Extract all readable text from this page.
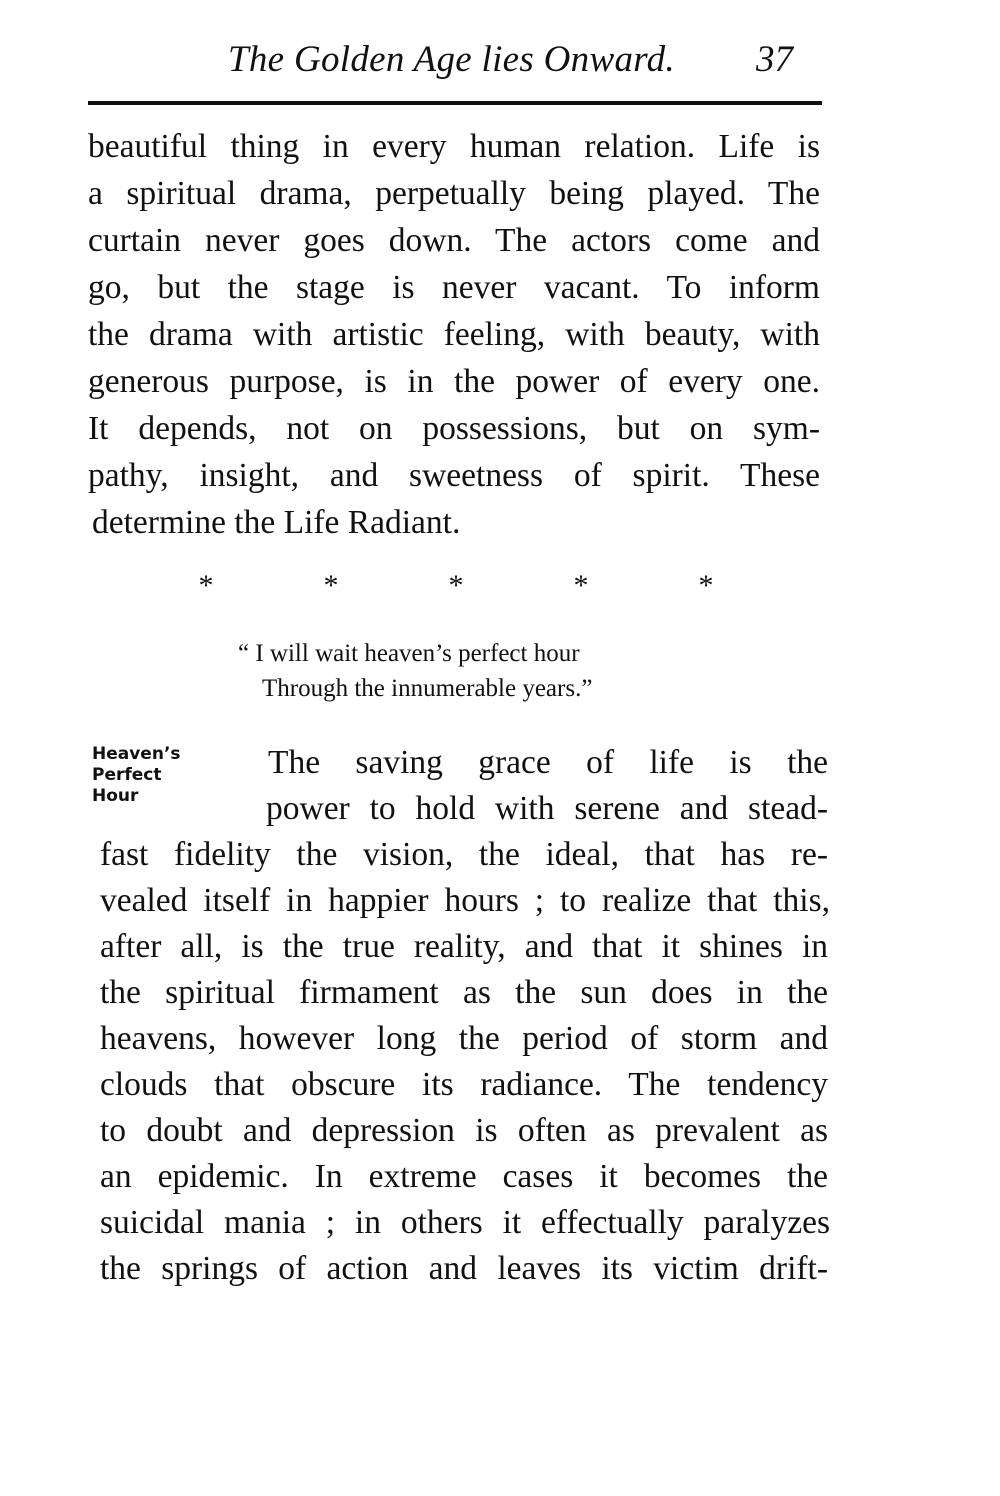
The Golden Age lies Onward. 37
beautiful thing in every human relation. Life is
a spiritual drama, perpetually being played. The
curtain never goes down. The actors come and
go, but the stage is never vacant. To inform
the drama with artistic feeling, with beauty, with
generous purpose, is in the power of every one.
It depends, not on possessions, but on sym-
pathy, insight, and sweetness of spirit. These
determine the Life Radiant.
*	*	*	*	*
“ I will wait heaven’s perfect hour
Through the innumerable years.”
Heaven’s
Perfect
Hour
The saving grace of life is the
power to hold with serene and stead-
fast fidelity the vision, the ideal, that has re-
vealed itself in happier hours ; to realize that this,
after all, is the true reality, and that it shines in
the spiritual firmament as the sun does in the
heavens, however long the period of storm and
clouds that obscure its radiance. The tendency
to doubt and depression is often as prevalent as
an epidemic. In extreme cases it becomes the
suicidal mania ; in others it effectually paralyzes
the springs of action and leaves its victim drift-
